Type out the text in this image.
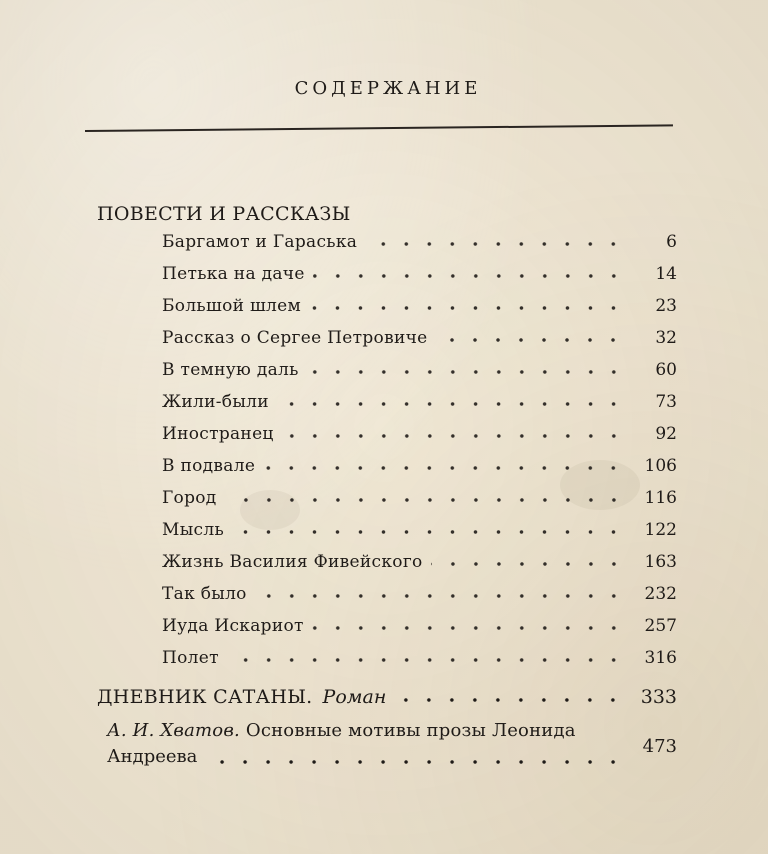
СОДЕРЖАНИЕ
ПОВЕСТИ И РАССКАЗЫ
Баргамот и Гараська	6
Петька на даче	14
Большой шлем	23
Рассказ о Сергее Петровиче	32
В темную даль	60
Жили-были	73
Иностранец	92
В подвале	106
Город	116
Мысль	122
Жизнь Василия Фивейского	163
Так было	232
Иуда Искариот	257
Полет	316
ДНЕВНИК САТАНЫ. Роман	333
А. И. Хватов. Основные мотивы прозы Леонида
Андреева	473
